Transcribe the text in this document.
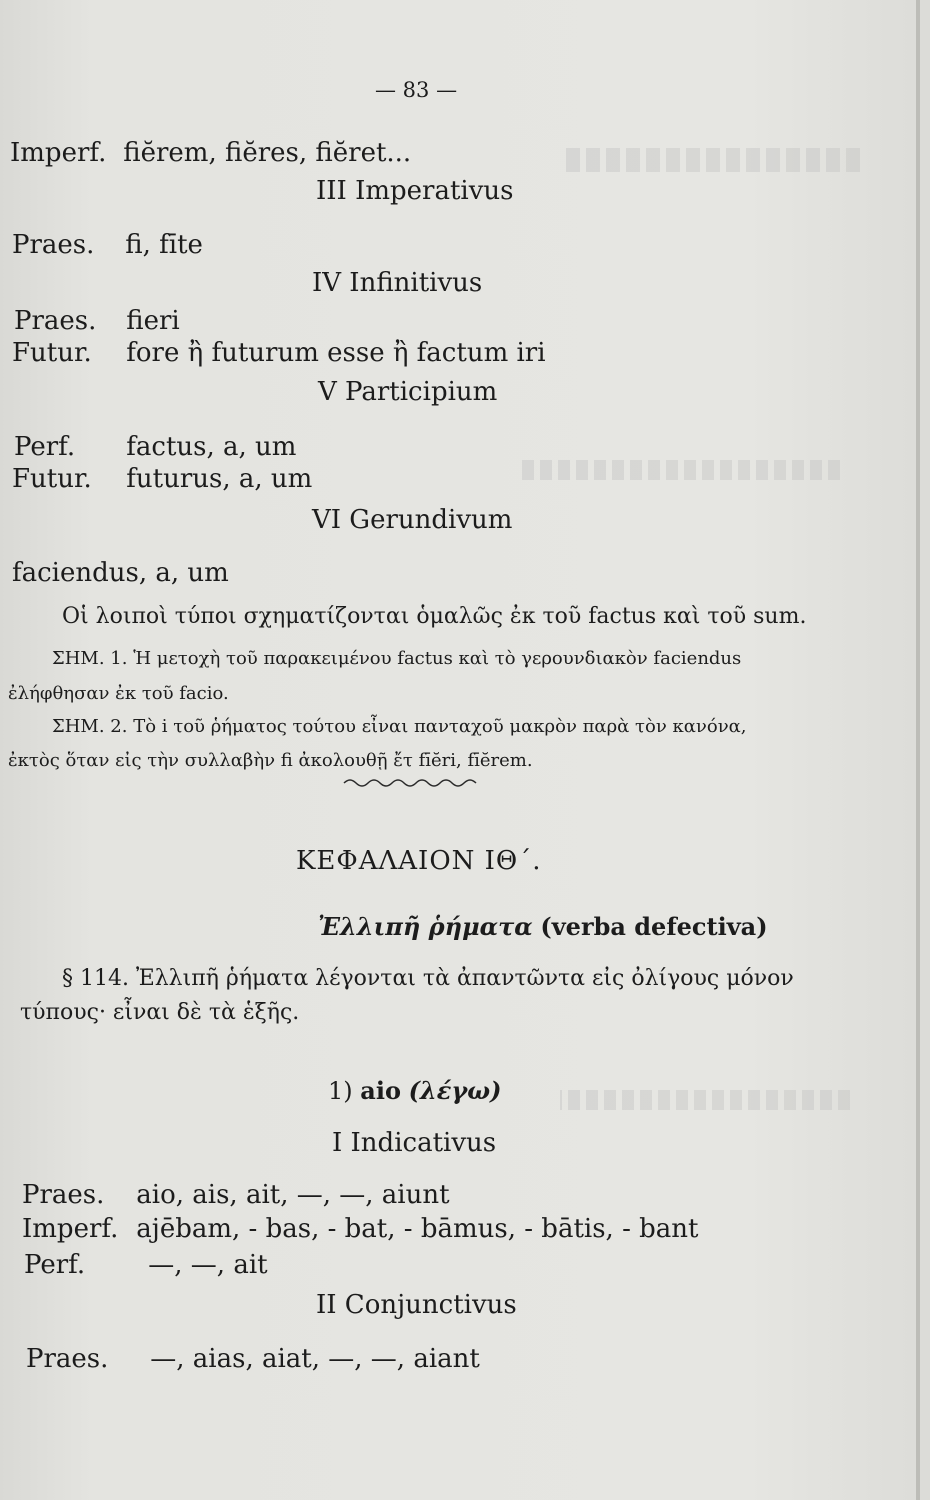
— 83 —
Imperf. fiĕrem, fiĕres, fiĕret...
III Imperativus
Praes. fi, fīte
IV Infinitivus
Praes. fieri
Futur. fore ἢ futurum esse ἢ factum iri
V Participium
Perf. factus, a, um
Futur. futurus, a, um
VI Gerundivum
faciendus, a, um
Οἱ λοιποὶ τύποι σχηματίζονται ὁμαλῶς ἐκ τοῦ factus καὶ τοῦ sum.
ΣΗΜ. 1. Ἡ μετοχὴ τοῦ παρακειμένου factus καὶ τὸ γερουνδιακὸν faciendus
ἐλήφθησαν ἐκ τοῦ facio.
ΣΗΜ. 2. Τὸ i τοῦ ῥήματος τούτου εἶναι πανταχοῦ μακρὸν παρὰ τὸν κανόνα,
ἐκτὸς ὅταν εἰς τὴν συλλαβὴν fi ἀκολουθῇ ἔτ fīĕri, fīĕrem.
ΚΕΦΑΛΑΙΟΝ ΙΘ΄.
Ἐλλιπῆ ῥήματα (verba defectiva)
§ 114. Ἐλλιπῆ ῥήματα λέγονται τὰ ἀπαντῶντα εἰς ὀλίγους μόνον
τύπους· εἶναι δὲ τὰ ἑξῆς.
1) aio (λέγω)
I Indicativus
Praes. aio, ais, ait, —, —, aiunt
Imperf. ajēbam, - bas, - bat, - bāmus, - bātis, - bant
Perf. —, —, ait
II Conjunctivus
Praes. —, aias, aiat, —, —, aiant
